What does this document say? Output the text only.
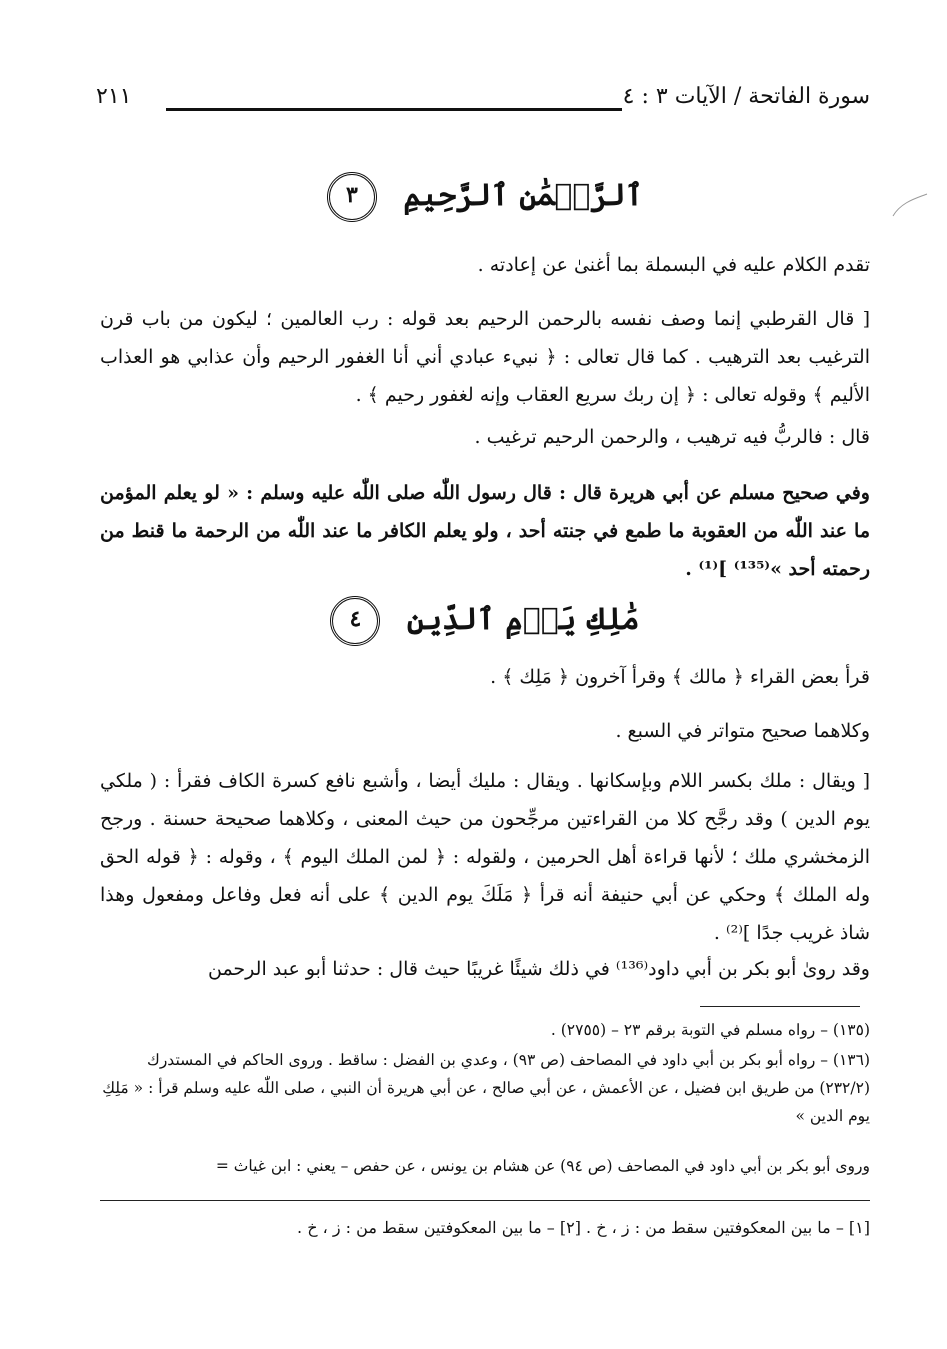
سورة الفاتحة / الآيات ٣ : ٤
٢١١
ٱلرَّحۡمَٰنِ ٱلرَّحِيمِ ٣
تقدم الكلام عليه في البسملة بما أغنىٰ عن إعادته .
[ قال القرطبي إنما وصف نفسه بالرحمن الرحيم بعد قوله : رب العالمين ؛ ليكون من باب قرن الترغيب بعد الترهيب . كما قال تعالى : ﴿ نبيء عبادي أني أنا الغفور الرحيم وأن عذابي هو العذاب الأليم ﴾ وقوله تعالى : ﴿ إن ربك سريع العقاب وإنه لغفور رحيم ﴾ .
قال : فالربُّ فيه ترهيب ، والرحمن الرحيم ترغيب .
وفي صحيح مسلم عن أبي هريرة قال : قال رسول اللّٰه صلى اللّٰه عليه وسلم : « لو يعلم المؤمن ما عند اللّٰه من العقوبة ما طمع في جنته أحد ، ولو يعلم الكافر ما عند اللّٰه من الرحمة ما قنط من رحمته أحد »⁽¹³⁵⁾ ]⁽¹⁾ .
مَٰلِكِ يَوۡمِ ٱلدِّينِ ٤
قرأ بعض القراء ﴿ مالك ﴾ وقرأ آخرون ﴿ مَلِك ﴾ .
وكلاهما صحيح متواتر في السبع .
[ ويقال : ملك بكسر اللام وبإسكانها . ويقال : مليك أيضا ، وأشبع نافع كسرة الكاف فقرأ : ( ملكي يوم الدين ) وقد رجَّح كلا من القراءتين مرجِّحون من حيث المعنى ، وكلاهما صحيحة حسنة . ورجح الزمخشري ملك ؛ لأنها قراءة أهل الحرمين ، ولقوله : ﴿ لمن الملك اليوم ﴾ ، وقوله : ﴿ قوله الحق وله الملك ﴾ وحكي عن أبي حنيفة أنه قرأ ﴿ مَلَكَ يوم الدين ﴾ على أنه فعل وفاعل ومفعول وهذا شاذ غريب جدًا ]⁽²⁾ .
وقد روىٰ أبو بكر بن أبي داود⁽¹³⁶⁾ في ذلك شيئًا غريبًا حيث قال : حدثنا أبو عبد الرحمن
(١٣٥) – رواه مسلم في التوبة برقم ٢٣ – (٢٧٥٥) .
(١٣٦) – رواه أبو بكر بن أبي داود في المصاحف (ص ٩٣) ، وعدي بن الفضل : ساقط . وروى الحاكم في المستدرك (٢٣٢/٢) من طريق ابن فضيل ، عن الأعمش ، عن أبي صالح ، عن أبي هريرة أن النبي ، صلى اللّٰه عليه وسلم قرأ : « مَلِكِ يوم الدين »
وروى أبو بكر بن أبي داود في المصاحف (ص ٩٤) عن هشام بن يونس ، عن حفص – يعني : ابن غياث =
[١] – ما بين المعكوفتين سقط من : ز ، خ . [٢] – ما بين المعكوفتين سقط من : ز ، خ .
